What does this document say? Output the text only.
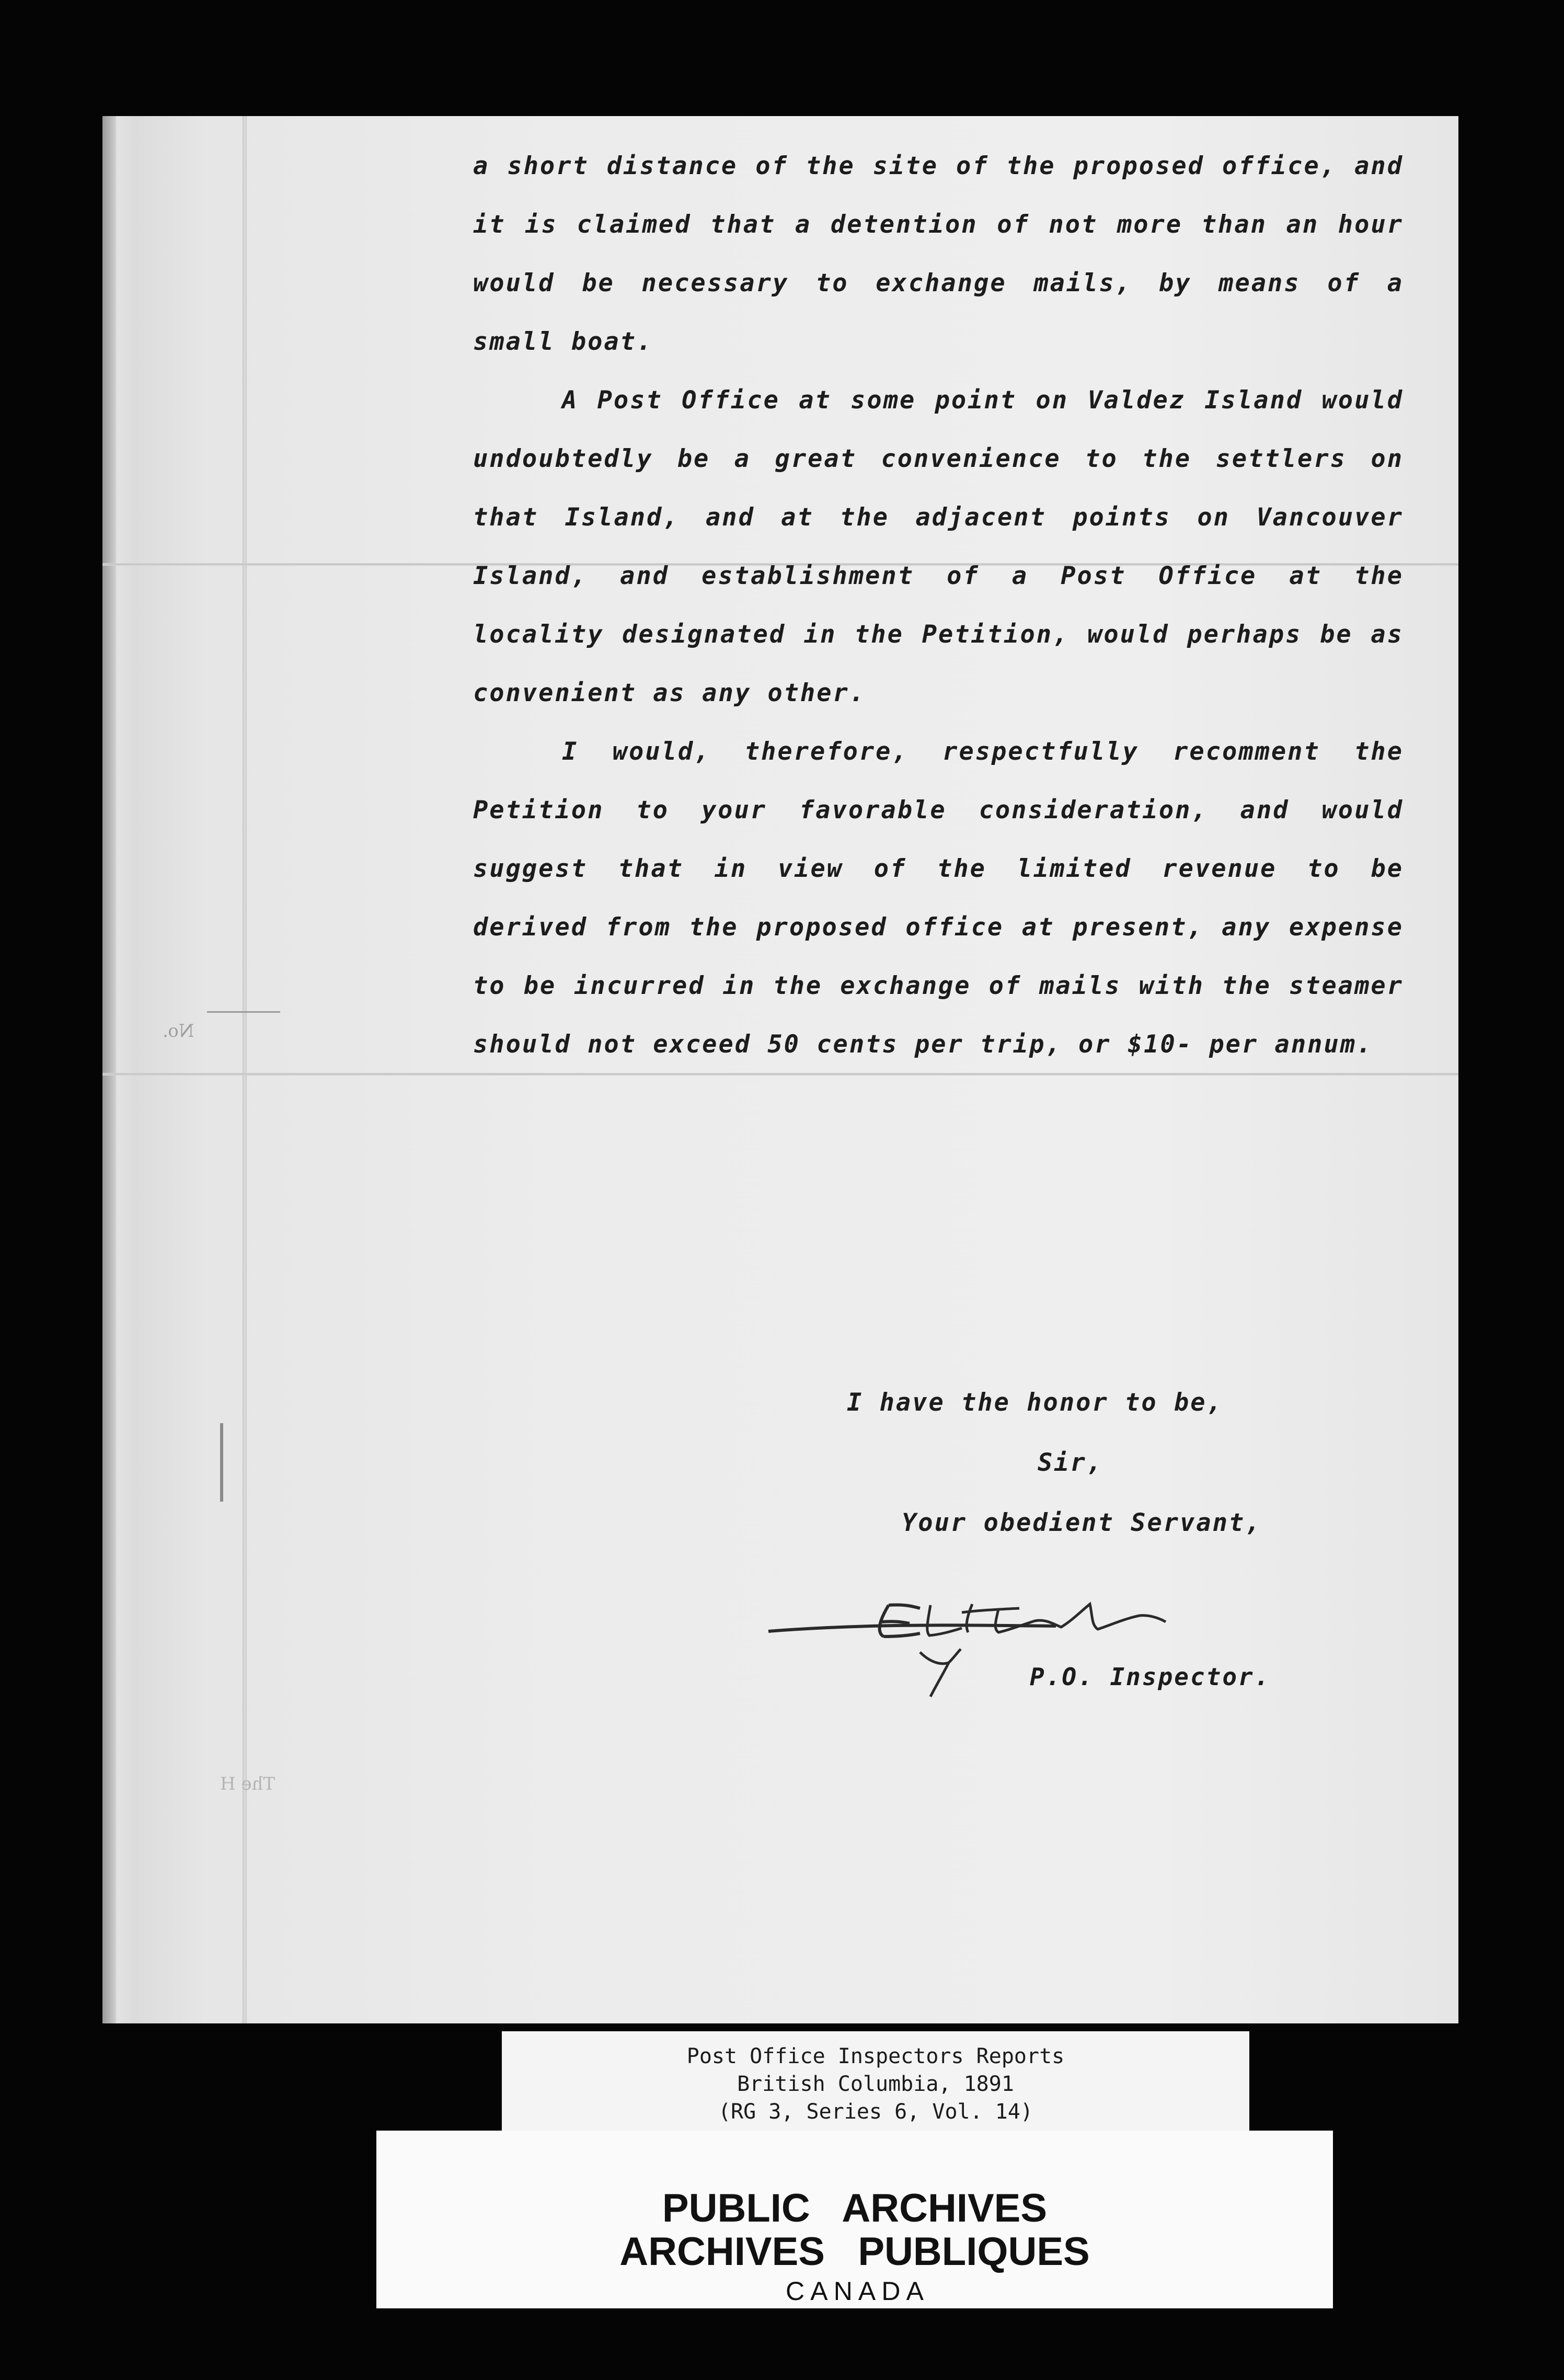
No.
The H

a short distance of the site of the proposed office, and it is claimed that a detention of not more than an hour would be necessary to exchange mails, by means of a small boat.

A Post Office at some point on Valdez Island would undoubtedly be a great convenience to the settlers on that Island, and at the adjacent points on Vancouver Island, and establishment of a Post Office at the locality designated in the Petition, would perhaps be as convenient as any other.

I would, therefore, respectfully recomment the Petition to your favorable consideration, and would suggest that in view of the limited revenue to be derived from the proposed office at present, any expense to be incurred in the exchange of mails with the steamer should not exceed 50 cents per trip, or $10- per annum.

I have the honor to be,
Sir,
Your obedient Servant,
P.O. Inspector.
Post Office Inspectors Reports
British Columbia, 1891
(RG 3, Series 6, Vol. 14)
PUBLIC   ARCHIVES
ARCHIVES   PUBLIQUES
C A N A D A
